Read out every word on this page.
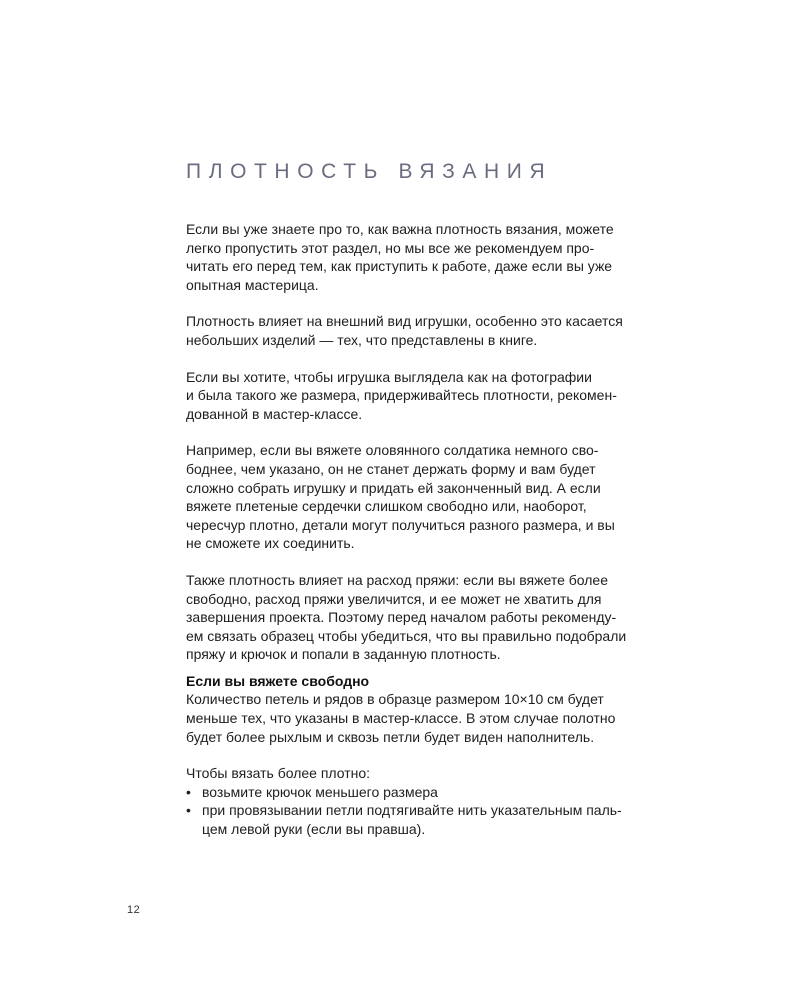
ПЛОТНОСТЬ ВЯЗАНИЯ

Если вы уже знаете про то, как важна плотность вязания, можете
легко пропустить этот раздел, но мы все же рекомендуем про-
читать его перед тем, как приступить к работе, даже если вы уже
опытная мастерица.

Плотность влияет на внешний вид игрушки, особенно это касается
небольших изделий — тех, что представлены в книге.

Если вы хотите, чтобы игрушка выглядела как на фотографии
и была такого же размера, придерживайтесь плотности, рекомен-
дованной в мастер-классе.

Например, если вы вяжете оловянного солдатика немного сво-
боднее, чем указано, он не станет держать форму и вам будет
сложно собрать игрушку и придать ей законченный вид. А если
вяжете плетеные сердечки слишком свободно или, наоборот,
чересчур плотно, детали могут получиться разного размера, и вы
не сможете их соединить.

Также плотность влияет на расход пряжи: если вы вяжете более
свободно, расход пряжи увеличится, и ее может не хватить для
завершения проекта. Поэтому перед началом работы рекоменду-
ем связать образец чтобы убедиться, что вы правильно подобрали
пряжу и крючок и попали в заданную плотность.

Если вы вяжете свободно

Количество петель и рядов в образце размером 10×10 см будет
меньше тех, что указаны в мастер-классе. В этом случае полотно
будет более рыхлым и сквозь петли будет виден наполнитель.

Чтобы вязать более плотно:

• возьмите крючок меньшего размера
• при провязывании петли подтягивайте нить указательным паль-
цем левой руки (если вы правша).
12
